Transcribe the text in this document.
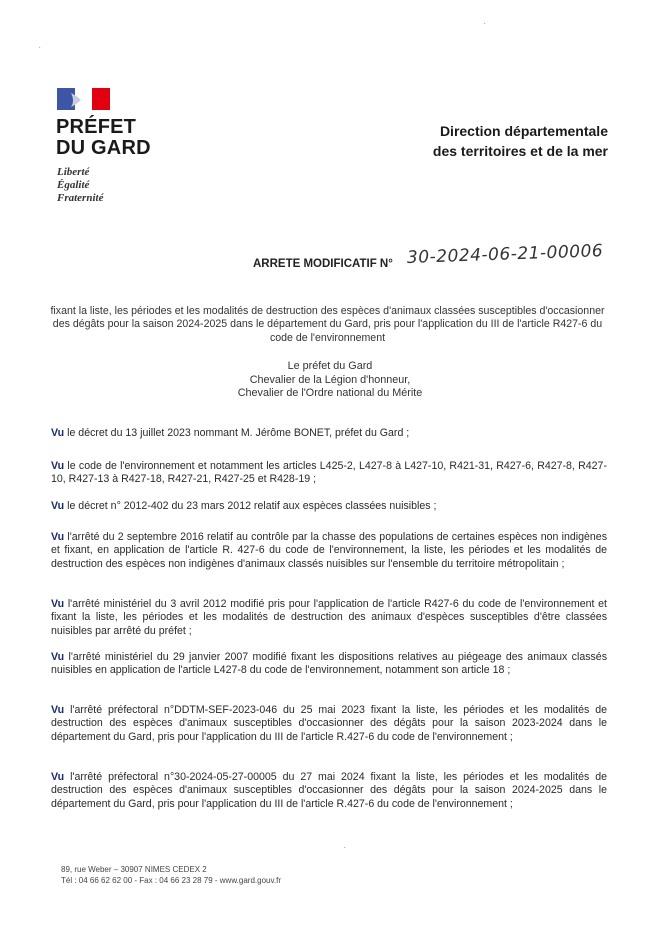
PRÉFET
DU GARD
Liberté
Égalité
Fraternité
Direction départementale
des territoires et de la mer
ARRETE MODIFICATIF N° 30-2024-06-21-00006
fixant la liste, les périodes et les modalités de destruction des espèces d'animaux classées susceptibles d'occasionner des dégâts pour la saison 2024-2025 dans le département du Gard, pris pour l'application du III de l'article R427-6 du code de l'environnement
Le préfet du Gard
Chevalier de la Légion d'honneur,
Chevalier de l'Ordre national du Mérite

Vu le décret du 13 juillet 2023 nommant M. Jérôme BONET, préfet du Gard ;

Vu le code de l'environnement et notamment les articles L425-2, L427-8 à L427-10, R421-31, R427-6, R427-8, R427-10, R427-13 à R427-18, R427-21, R427-25 et R428-19 ;

Vu le décret n° 2012-402 du 23 mars 2012 relatif aux espèces classées nuisibles ;

Vu l'arrêté du 2 septembre 2016 relatif au contrôle par la chasse des populations de certaines espèces non indigènes et fixant, en application de l'article R. 427-6 du code de l'environnement, la liste, les périodes et les modalités de destruction des espèces non indigènes d'animaux classés nuisibles sur l'ensemble du territoire métropolitain ;

Vu l'arrêté ministériel du 3 avril 2012 modifié pris pour l'application de l'article R427-6 du code de l'environnement et fixant la liste, les périodes et les modalités de destruction des animaux d'espèces susceptibles d'être classées nuisibles par arrêté du préfet ;

Vu l'arrêté ministériel du 29 janvier 2007 modifié fixant les dispositions relatives au piégeage des animaux classés nuisibles en application de l'article L427-8 du code de l'environnement, notamment son article 18 ;

Vu l'arrêté préfectoral n°DDTM-SEF-2023-046 du 25 mai 2023 fixant la liste, les périodes et les modalités de destruction des espèces d'animaux susceptibles d'occasionner des dégâts pour la saison 2023-2024 dans le département du Gard, pris pour l'application du III de l'article R.427-6 du code de l'environnement ;

Vu l'arrêté préfectoral n°30-2024-05-27-00005 du 27 mai 2024 fixant la liste, les périodes et les modalités de destruction des espèces d'animaux susceptibles d'occasionner des dégâts pour la saison 2024-2025 dans le département du Gard, pris pour l'application du III de l'article R.427-6 du code de l'environnement ;

89, rue Weber – 30907 NIMES CEDEX 2
Tél : 04 66 62 62 00 - Fax : 04 66 23 28 79 - www.gard.gouv.fr
·
·
·
